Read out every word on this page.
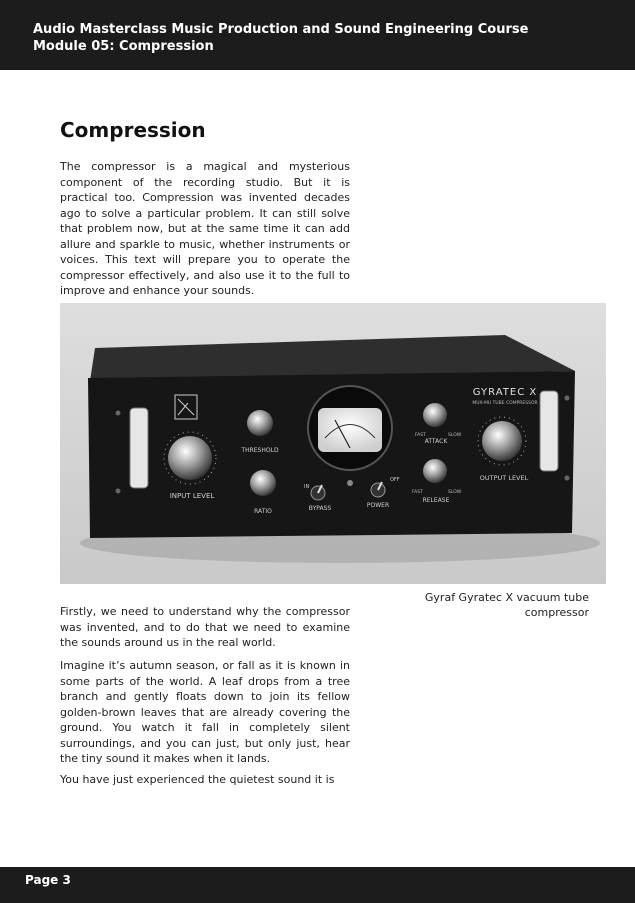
Audio Masterclass Music Production and Sound Engineering Course
Module 05: Compression
Compression

The compressor is a magical and mysterious component of the recording studio. But it is practical too. Compression was invented decades ago to solve a particular problem. It can still solve that problem now, but at the same time it can add allure and sparkle to music, whether instruments or voices. This text will prepare you to operate the compressor effectively, and also use it to the full to improve and enhance your sounds.

INPUT LEVEL
THRESHOLD
RATIO
IN
BYPASS
OFF
POWER
ATTACK
FAST	SLOW
RELEASE
FAST	SLOW
GYRATEC X
MUX-MU TUBE COMPRESSOR
OUTPUT LEVEL
Gyraf Gyratec X vacuum tube compressor

Firstly, we need to understand why the compressor was invented, and to do that we need to examine the sounds around us in the real world.

Imagine it’s autumn season, or fall as it is known in some parts of the world. A leaf drops from a tree branch and gently floats down to join its fellow golden-brown leaves that are already covering the ground. You watch it fall in completely silent surroundings, and you can just, but only just, hear the tiny sound it makes when it lands.

You have just experienced the quietest sound it is

Page 3
